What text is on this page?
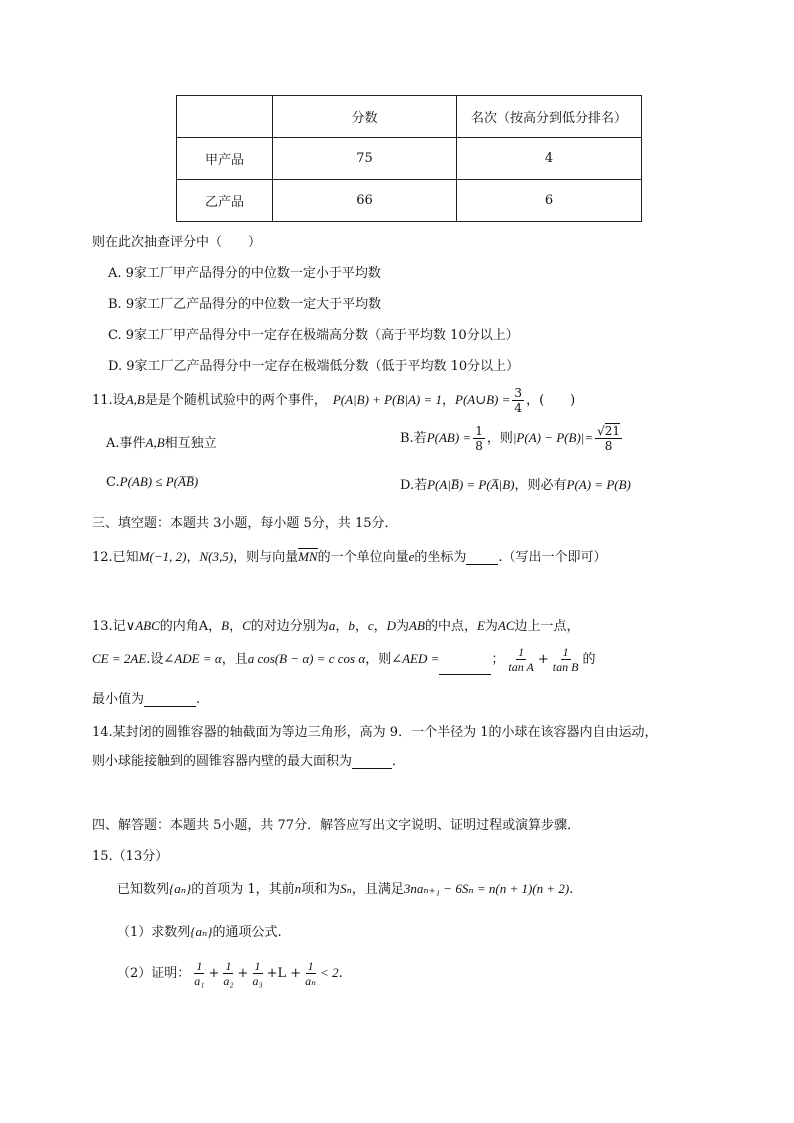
	分数	名次（按高分到低分排名）
甲产品	75	4
乙产品	66	6
则在此次抽查评分中（　　）
A. 9家工厂甲产品得分的中位数一定小于平均数
B. 9家工厂乙产品得分的中位数一定大于平均数
C. 9家工厂甲产品得分中一定存在极端高分数（高于平均数 10分以上）
D. 9家工厂乙产品得分中一定存在极端低分数（低于平均数 10分以上）
11.设A,B是是个随机试验中的两个事件， P(A|B) + P(B|A) = 1，P(A∪B) = $\frac{3}{4}$ ，(　　)
A.事件A,B相互独立	B.若$P(AB) = \frac{1}{8}$ ，则$|P(A) - P(B)|= \frac{√21}{8}$
C.P(AB) ≤ P(A̅B̅)	D.若P(A|B̅) = P(A̅|B)，则必有P(A) = P(B)
三、填空题：本题共 3小题，每小题 5分，共 15分．
12.已知M(−1, 2)，N(3,5)，则与向量MN的一个单位向量e的坐标为 .（写出一个即可）
13.记∨ABC的内角A，B，C的对边分别为a，b，c，D为AB的中点，E为AC边上一点，
CE = 2AE.设∠ADE = α，且a cos(B − α) = c cos α，则∠AED =	； $\frac{1}{\text{tan A}} + \frac{1}{\text{tan B}}$ 的
最小值为	.
14.某封闭的圆锥容器的轴截面为等边三角形，高为 9．一个半径为 1的小球在该容器内自由运动，
则小球能接触到的圆锥容器内壁的最大面积为	．
四、解答题：本题共 5小题，共 77分．解答应写出文字说明、证明过程或演算步骤．
15.（13分）
已知数列{aₙ}的首项为 1，其前n项和为Sₙ，且满足3naₙ₊₁ − 6Sₙ = n(n + 1)(n + 2).
（1）求数列{aₙ}的通项公式.
（2）证明： $\frac{1}{\text{a₁}} + \frac{1}{\text{a₂}} + \frac{1}{\text{a₃}} +L + \frac{1}{\text{aₙ}} < 2$.
